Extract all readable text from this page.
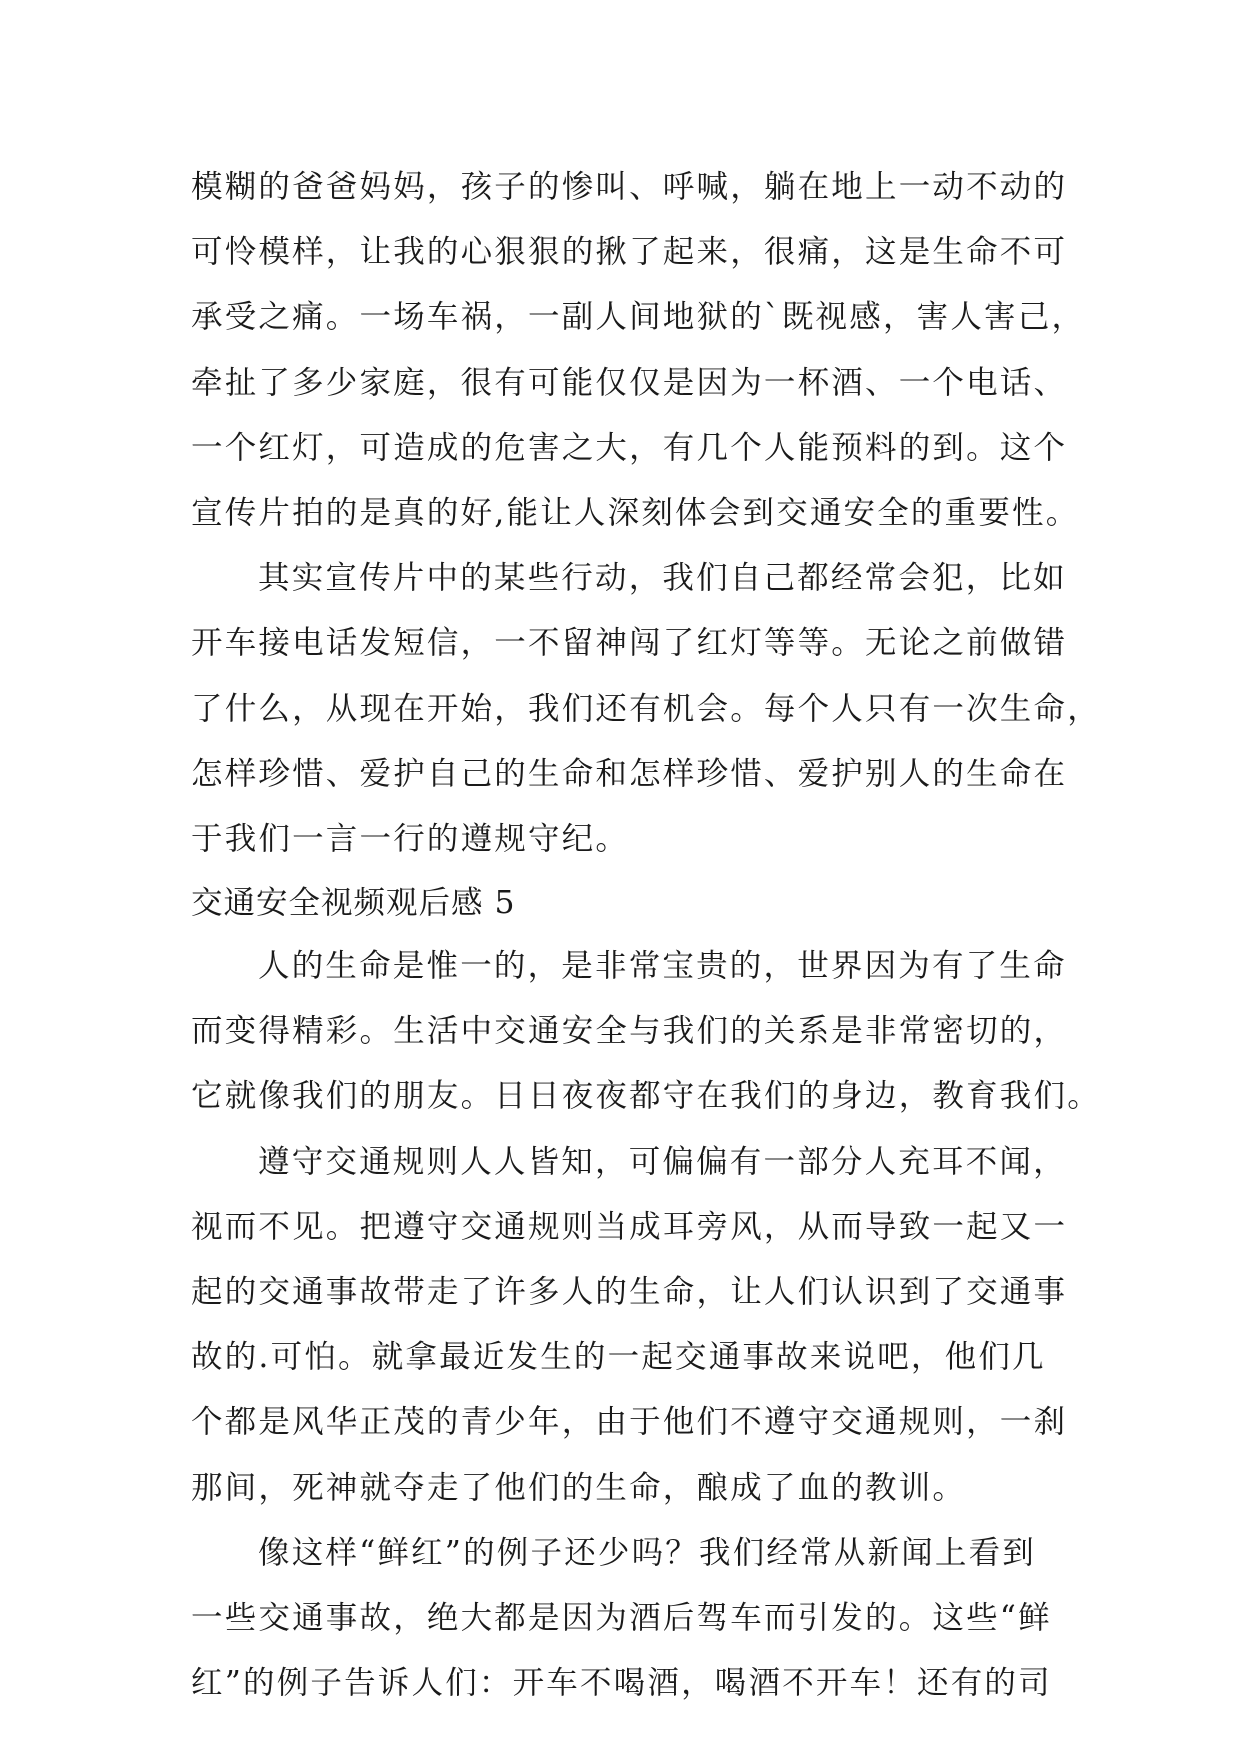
模糊的爸爸妈妈，孩子的惨叫、呼喊，躺在地上一动不动的
可怜模样，让我的心狠狠的揪了起来，很痛，这是生命不可
承受之痛。一场车祸，一副人间地狱的`既视感，害人害己，
牵扯了多少家庭，很有可能仅仅是因为一杯酒、一个电话、
一个红灯，可造成的危害之大，有几个人能预料的到。这个
宣传片拍的是真的好,能让人深刻体会到交通安全的重要性。
其实宣传片中的某些行动，我们自己都经常会犯，比如
开车接电话发短信，一不留神闯了红灯等等。无论之前做错
了什么，从现在开始，我们还有机会。每个人只有一次生命，
怎样珍惜、爱护自己的生命和怎样珍惜、爱护别人的生命在
于我们一言一行的遵规守纪。
交通安全视频观后感 5
人的生命是惟一的，是非常宝贵的，世界因为有了生命
而变得精彩。生活中交通安全与我们的关系是非常密切的，
它就像我们的朋友。日日夜夜都守在我们的身边，教育我们。
遵守交通规则人人皆知，可偏偏有一部分人充耳不闻，
视而不见。把遵守交通规则当成耳旁风，从而导致一起又一
起的交通事故带走了许多人的生命，让人们认识到了交通事
故的.可怕。就拿最近发生的一起交通事故来说吧，他们几
个都是风华正茂的青少年，由于他们不遵守交通规则，一刹
那间，死神就夺走了他们的生命，酿成了血的教训。
像这样“鲜红”的例子还少吗？我们经常从新闻上看到
一些交通事故，绝大都是因为酒后驾车而引发的。这些“鲜
红”的例子告诉人们：开车不喝酒，喝酒不开车！还有的司
